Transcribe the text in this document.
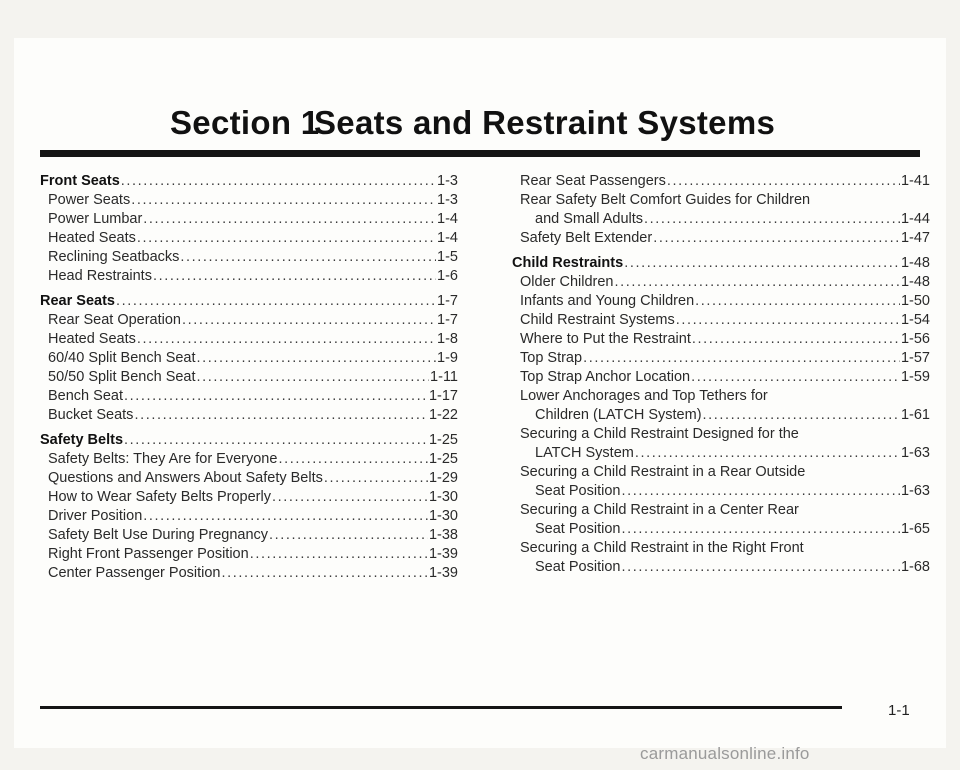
Section 1
Seats and Restraint Systems
Front Seats .....	1-3
Power Seats .....	1-3
Power Lumbar .....	1-4
Heated Seats .....	1-4
Reclining Seatbacks .....	1-5
Head Restraints .....	1-6
Rear Seats .....	1-7
Rear Seat Operation .....	1-7
Heated Seats .....	1-8
60/40 Split Bench Seat .....	1-9
50/50 Split Bench Seat .....	1-11
Bench Seat .....	1-17
Bucket Seats .....	1-22
Safety Belts .....	1-25
Safety Belts: They Are for Everyone .....	1-25
Questions and Answers About Safety Belts .....	1-29
How to Wear Safety Belts Properly .....	1-30
Driver Position .....	1-30
Safety Belt Use During Pregnancy .....	1-38
Right Front Passenger Position .....	1-39
Center Passenger Position .....	1-39
Rear Seat Passengers .....	1-41
Rear Safety Belt Comfort Guides for Children
and Small Adults .....	1-44
Safety Belt Extender .....	1-47
Child Restraints .....	1-48
Older Children .....	1-48
Infants and Young Children .....	1-50
Child Restraint Systems .....	1-54
Where to Put the Restraint .....	1-56
Top Strap .....	1-57
Top Strap Anchor Location .....	1-59
Lower Anchorages and Top Tethers for
Children (LATCH System) .....	1-61
Securing a Child Restraint Designed for the
LATCH System .....	1-63
Securing a Child Restraint in a Rear Outside
Seat Position .....	1-63
Securing a Child Restraint in a Center Rear
Seat Position .....	1-65
Securing a Child Restraint in the Right Front
Seat Position .....	1-68
1-1
carmanualsonline.info
